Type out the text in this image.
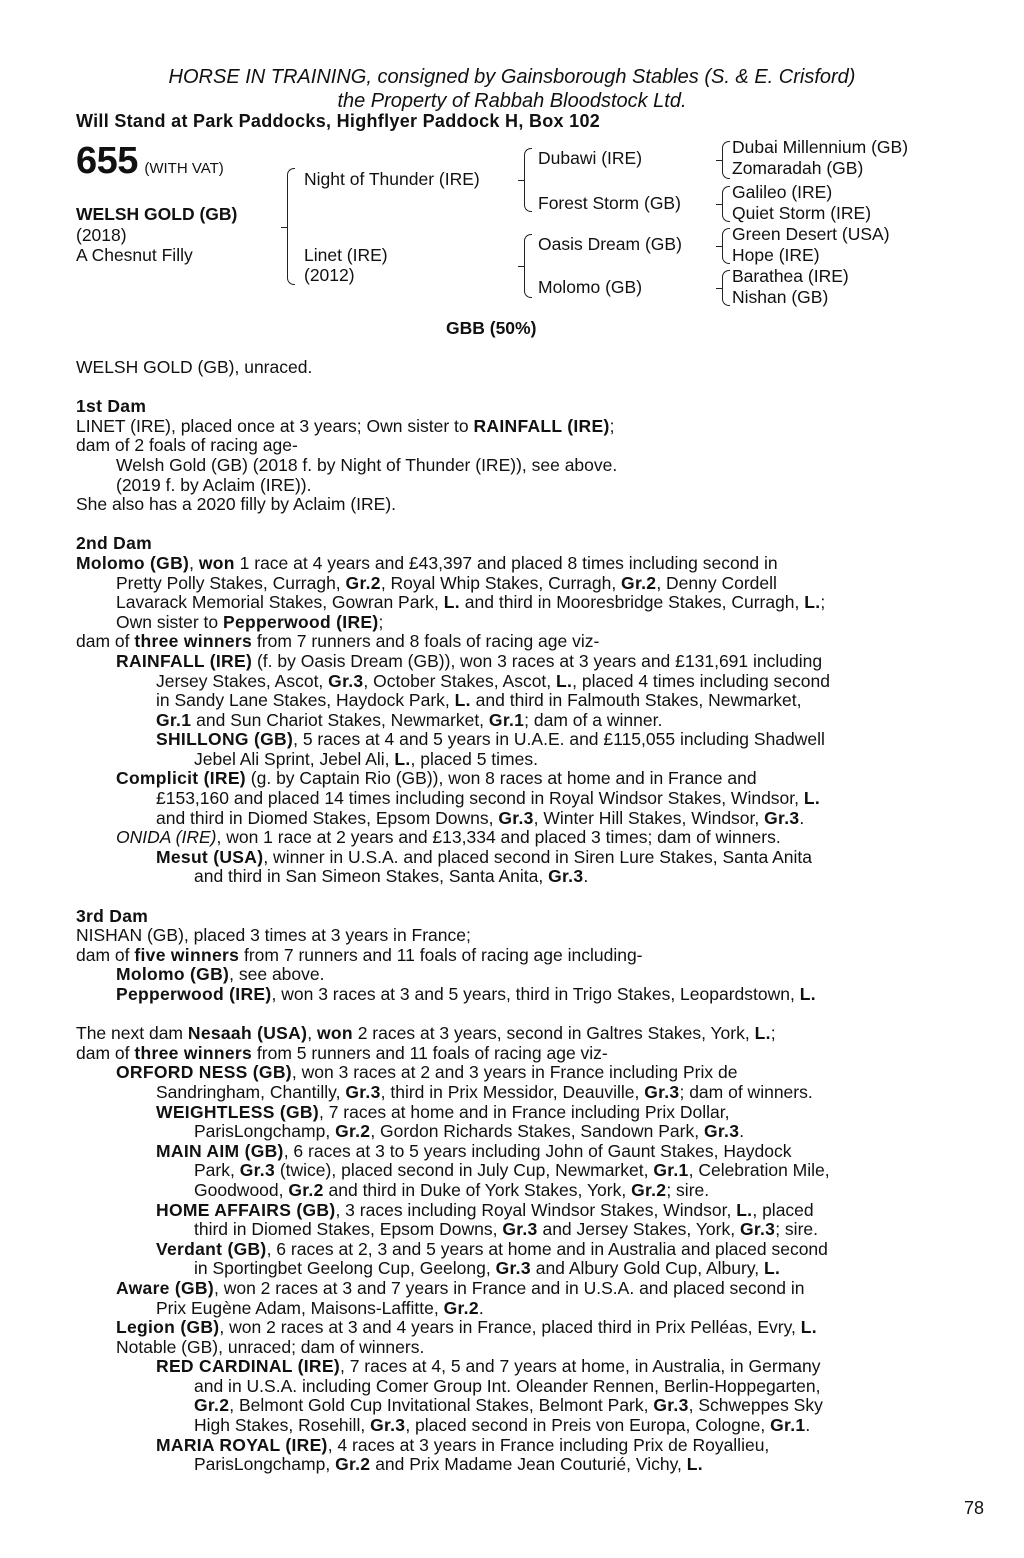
HORSE IN TRAINING, consigned by Gainsborough Stables (S. & E. Crisford)
the Property of Rabbah Bloodstock Ltd.
Will Stand at Park Paddocks, Highflyer Paddock H, Box 102
655 (WITH VAT)
WELSH GOLD (GB)
(2018)
A Chesnut Filly
Night of Thunder (IRE)
Linet (IRE)
(2012)
Dubawi (IRE)
Forest Storm (GB)
Oasis Dream (GB)
Molomo (GB)
Dubai Millennium (GB)
Zomaradah (GB)
Galileo (IRE)
Quiet Storm (IRE)
Green Desert (USA)
Hope (IRE)
Barathea (IRE)
Nishan (GB)
GBB (50%)

WELSH GOLD (GB), unraced.

1st Dam

LINET (IRE), placed once at 3 years; Own sister to RAINFALL (IRE);

dam of 2 foals of racing age-

Welsh Gold (GB) (2018 f. by Night of Thunder (IRE)), see above.

(2019 f. by Aclaim (IRE)).

She also has a 2020 filly by Aclaim (IRE).

2nd Dam

Molomo (GB), won 1 race at 4 years and £43,397 and placed 8 times including second in

Pretty Polly Stakes, Curragh, Gr.2, Royal Whip Stakes, Curragh, Gr.2, Denny Cordell

Lavarack Memorial Stakes, Gowran Park, L. and third in Mooresbridge Stakes, Curragh, L.;

Own sister to Pepperwood (IRE);

dam of three winners from 7 runners and 8 foals of racing age viz-

RAINFALL (IRE) (f. by Oasis Dream (GB)), won 3 races at 3 years and £131,691 including

Jersey Stakes, Ascot, Gr.3, October Stakes, Ascot, L., placed 4 times including second

in Sandy Lane Stakes, Haydock Park, L. and third in Falmouth Stakes, Newmarket,

Gr.1 and Sun Chariot Stakes, Newmarket, Gr.1; dam of a winner.

SHILLONG (GB), 5 races at 4 and 5 years in U.A.E. and £115,055 including Shadwell

Jebel Ali Sprint, Jebel Ali, L., placed 5 times.

Complicit (IRE) (g. by Captain Rio (GB)), won 8 races at home and in France and

£153,160 and placed 14 times including second in Royal Windsor Stakes, Windsor, L.

and third in Diomed Stakes, Epsom Downs, Gr.3, Winter Hill Stakes, Windsor, Gr.3.

ONIDA (IRE), won 1 race at 2 years and £13,334 and placed 3 times; dam of winners.

Mesut (USA), winner in U.S.A. and placed second in Siren Lure Stakes, Santa Anita

and third in San Simeon Stakes, Santa Anita, Gr.3.

3rd Dam

NISHAN (GB), placed 3 times at 3 years in France;

dam of five winners from 7 runners and 11 foals of racing age including-

Molomo (GB), see above.

Pepperwood (IRE), won 3 races at 3 and 5 years, third in Trigo Stakes, Leopardstown, L.

The next dam Nesaah (USA), won 2 races at 3 years, second in Galtres Stakes, York, L.;

dam of three winners from 5 runners and 11 foals of racing age viz-

ORFORD NESS (GB), won 3 races at 2 and 3 years in France including Prix de

Sandringham, Chantilly, Gr.3, third in Prix Messidor, Deauville, Gr.3; dam of winners.

WEIGHTLESS (GB), 7 races at home and in France including Prix Dollar,

ParisLongchamp, Gr.2, Gordon Richards Stakes, Sandown Park, Gr.3.

MAIN AIM (GB), 6 races at 3 to 5 years including John of Gaunt Stakes, Haydock

Park, Gr.3 (twice), placed second in July Cup, Newmarket, Gr.1, Celebration Mile,

Goodwood, Gr.2 and third in Duke of York Stakes, York, Gr.2; sire.

HOME AFFAIRS (GB), 3 races including Royal Windsor Stakes, Windsor, L., placed

third in Diomed Stakes, Epsom Downs, Gr.3 and Jersey Stakes, York, Gr.3; sire.

Verdant (GB), 6 races at 2, 3 and 5 years at home and in Australia and placed second

in Sportingbet Geelong Cup, Geelong, Gr.3 and Albury Gold Cup, Albury, L.

Aware (GB), won 2 races at 3 and 7 years in France and in U.S.A. and placed second in

Prix Eugène Adam, Maisons-Laffitte, Gr.2.

Legion (GB), won 2 races at 3 and 4 years in France, placed third in Prix Pelléas, Evry, L.

Notable (GB), unraced; dam of winners.

RED CARDINAL (IRE), 7 races at 4, 5 and 7 years at home, in Australia, in Germany

and in U.S.A. including Comer Group Int. Oleander Rennen, Berlin-Hoppegarten,

Gr.2, Belmont Gold Cup Invitational Stakes, Belmont Park, Gr.3, Schweppes Sky

High Stakes, Rosehill, Gr.3, placed second in Preis von Europa, Cologne, Gr.1.

MARIA ROYAL (IRE), 4 races at 3 years in France including Prix de Royallieu,

ParisLongchamp, Gr.2 and Prix Madame Jean Couturié, Vichy, L.

78
